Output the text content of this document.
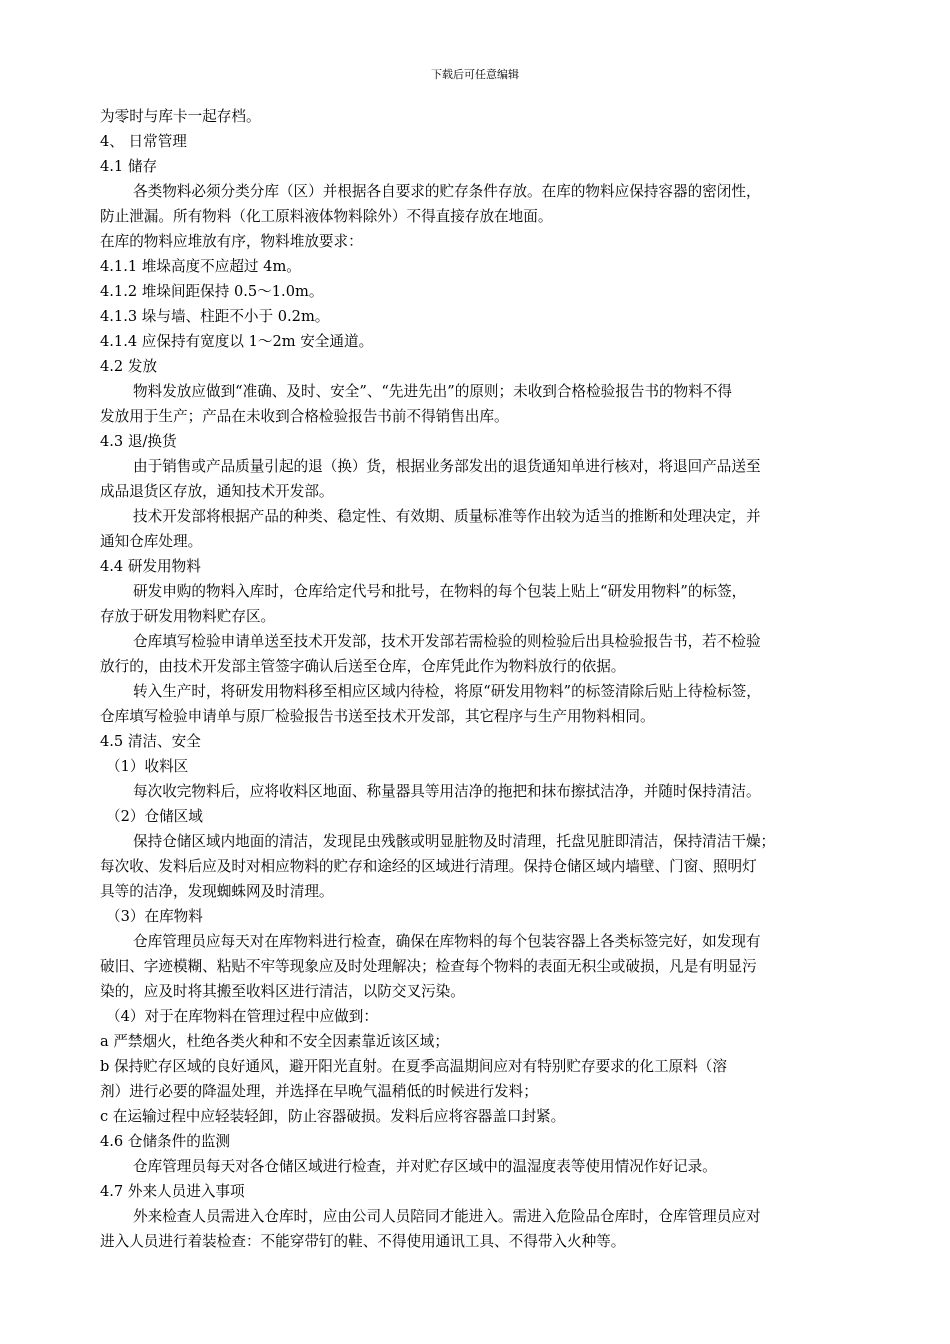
下载后可任意编辑
为零时与库卡一起存档。
4、 日常管理
4.1 储存
各类物料必须分类分库（区）并根据各自要求的贮存条件存放。在库的物料应保持容器的密闭性，
防止泄漏。所有物料（化工原料液体物料除外）不得直接存放在地面。
在库的物料应堆放有序，物料堆放要求：
4.1.1 堆垛高度不应超过 4m。
4.1.2 堆垛间距保持 0.5～1.0m。
4.1.3 垛与墙、柱距不小于 0.2m。
4.1.4 应保持有宽度以 1～2m 安全通道。
4.2 发放
物料发放应做到“准确、及时、安全”、“先进先出”的原则；未收到合格检验报告书的物料不得
发放用于生产；产品在未收到合格检验报告书前不得销售出库。
4.3 退/换货
由于销售或产品质量引起的退（换）货，根据业务部发出的退货通知单进行核对，将退回产品送至
成品退货区存放，通知技术开发部。
技术开发部将根据产品的种类、稳定性、有效期、质量标准等作出较为适当的推断和处理决定，并
通知仓库处理。
4.4 研发用物料
研发申购的物料入库时，仓库给定代号和批号，在物料的每个包装上贴上“研发用物料”的标签，
存放于研发用物料贮存区。
仓库填写检验申请单送至技术开发部，技术开发部若需检验的则检验后出具检验报告书，若不检验
放行的，由技术开发部主管签字确认后送至仓库，仓库凭此作为物料放行的依据。
转入生产时，将研发用物料移至相应区域内待检，将原“研发用物料”的标签清除后贴上待检标签，
仓库填写检验申请单与原厂检验报告书送至技术开发部，其它程序与生产用物料相同。
4.5 清洁、安全
（1）收料区
每次收完物料后，应将收料区地面、称量器具等用洁净的拖把和抹布擦拭洁净，并随时保持清洁。
（2）仓储区域
保持仓储区域内地面的清洁，发现昆虫残骸或明显脏物及时清理，托盘见脏即清洁，保持清洁干燥；
每次收、发料后应及时对相应物料的贮存和途经的区域进行清理。保持仓储区域内墙壁、门窗、照明灯
具等的洁净，发现蜘蛛网及时清理。
（3）在库物料
仓库管理员应每天对在库物料进行检查，确保在库物料的每个包装容器上各类标签完好，如发现有
破旧、字迹模糊、粘贴不牢等现象应及时处理解决；检查每个物料的表面无积尘或破损，凡是有明显污
染的，应及时将其搬至收料区进行清洁，以防交叉污染。
（4）对于在库物料在管理过程中应做到：
a 严禁烟火，杜绝各类火种和不安全因素靠近该区域；
b 保持贮存区域的良好通风，避开阳光直射。在夏季高温期间应对有特别贮存要求的化工原料（溶
剂）进行必要的降温处理，并选择在早晚气温稍低的时候进行发料；
c 在运输过程中应轻装轻卸，防止容器破损。发料后应将容器盖口封紧。
4.6 仓储条件的监测
仓库管理员每天对各仓储区域进行检查，并对贮存区域中的温湿度表等使用情况作好记录。
4.7 外来人员进入事项
外来检查人员需进入仓库时，应由公司人员陪同才能进入。需进入危险品仓库时，仓库管理员应对
进入人员进行着装检查：不能穿带钉的鞋、不得使用通讯工具、不得带入火种等。
